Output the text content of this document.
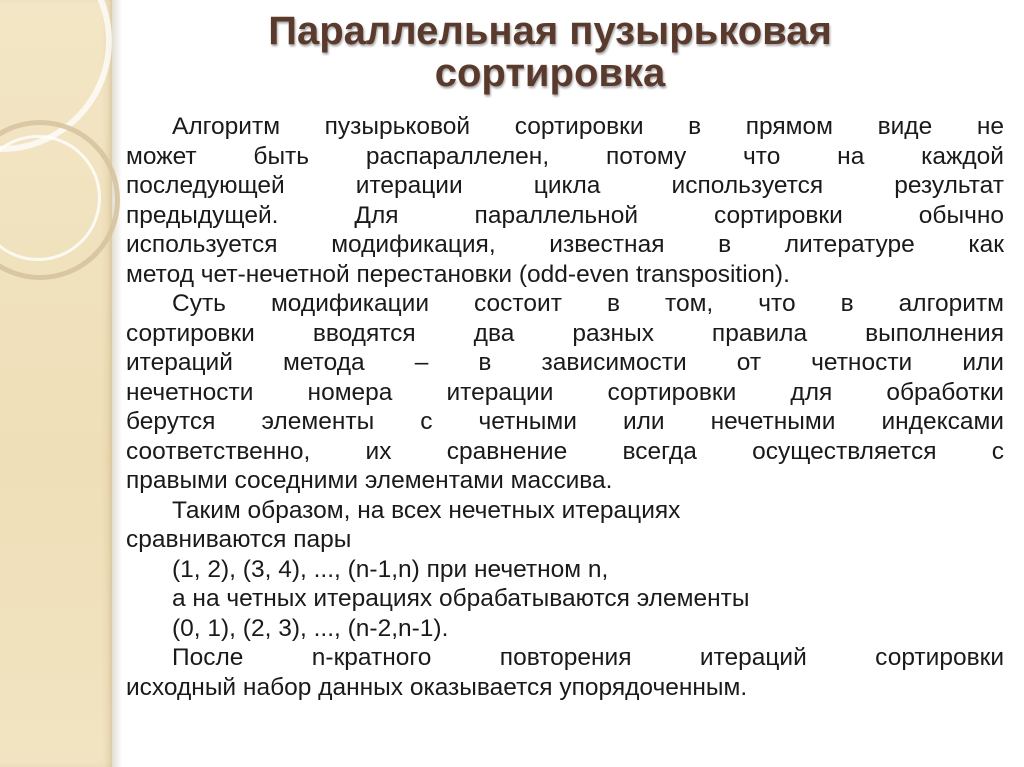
Параллельная пузырьковая
сортировка
Алгоритм пузырьковой сортировки в прямом виде не
может быть распараллелен, потому что на каждой
последующей итерации цикла используется результат
предыдущей. Для параллельной сортировки обычно
используется модификация, известная в литературе как
метод чет-нечетной перестановки (odd-even transposition).
Суть модификации состоит в том, что в алгоритм
сортировки вводятся два разных правила выполнения
итераций метода – в зависимости от четности или
нечетности номера итерации сортировки для обработки
берутся элементы с четными или нечетными индексами
соответственно, их сравнение всегда осуществляется с
правыми соседними элементами массива.
Таким образом, на всех нечетных итерациях
сравниваются пары
(1, 2), (3, 4), ..., (n-1,n) при нечетном n,
а на четных итерациях обрабатываются элементы
(0, 1), (2, 3), ..., (n-2,n-1).
После n-кратного повторения итераций сортировки
исходный набор данных оказывается упорядоченным.
